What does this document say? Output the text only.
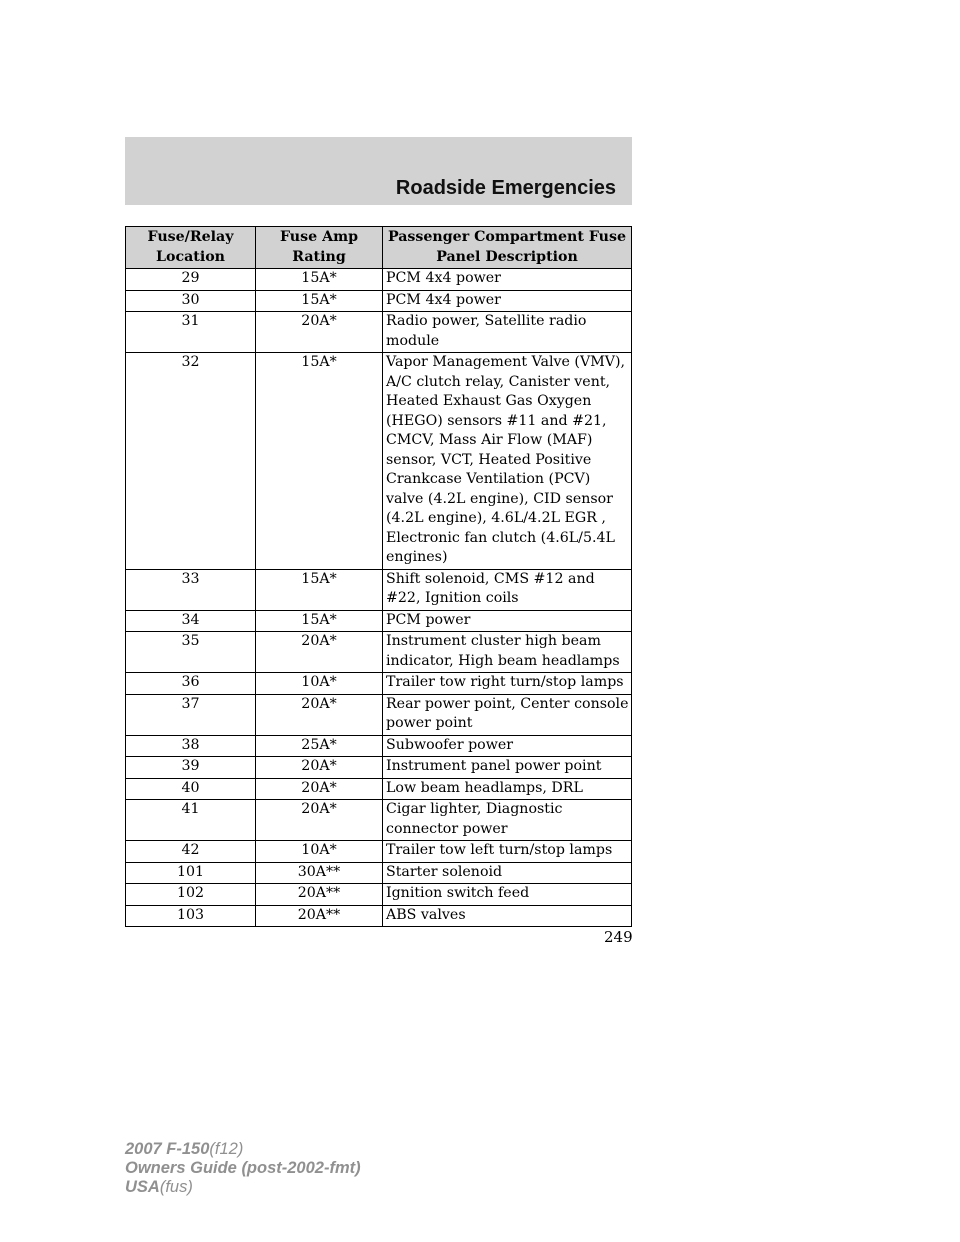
Roadside Emergencies
Fuse/Relay Location	Fuse Amp Rating	Passenger Compartment Fuse Panel Description
29	15A*	PCM 4x4 power
30	15A*	PCM 4x4 power
31	20A*	Radio power, Satellite radio module
32	15A*	Vapor Management Valve (VMV), A/C clutch relay, Canister vent, Heated Exhaust Gas Oxygen (HEGO) sensors #11 and #21, CMCV, Mass Air Flow (MAF) sensor, VCT, Heated Positive Crankcase Ventilation (PCV) valve (4.2L engine), CID sensor (4.2L engine), 4.6L/4.2L EGR , Electronic fan clutch (4.6L/5.4L engines)
33	15A*	Shift solenoid, CMS #12 and #22, Ignition coils
34	15A*	PCM power
35	20A*	Instrument cluster high beam indicator, High beam headlamps
36	10A*	Trailer tow right turn/stop lamps
37	20A*	Rear power point, Center console power point
38	25A*	Subwoofer power
39	20A*	Instrument panel power point
40	20A*	Low beam headlamps, DRL
41	20A*	Cigar lighter, Diagnostic connector power
42	10A*	Trailer tow left turn/stop lamps
101	30A**	Starter solenoid
102	20A**	Ignition switch feed
103	20A**	ABS valves
249
2007 F-150(f12)
Owners Guide (post-2002-fmt)
USA(fus)
